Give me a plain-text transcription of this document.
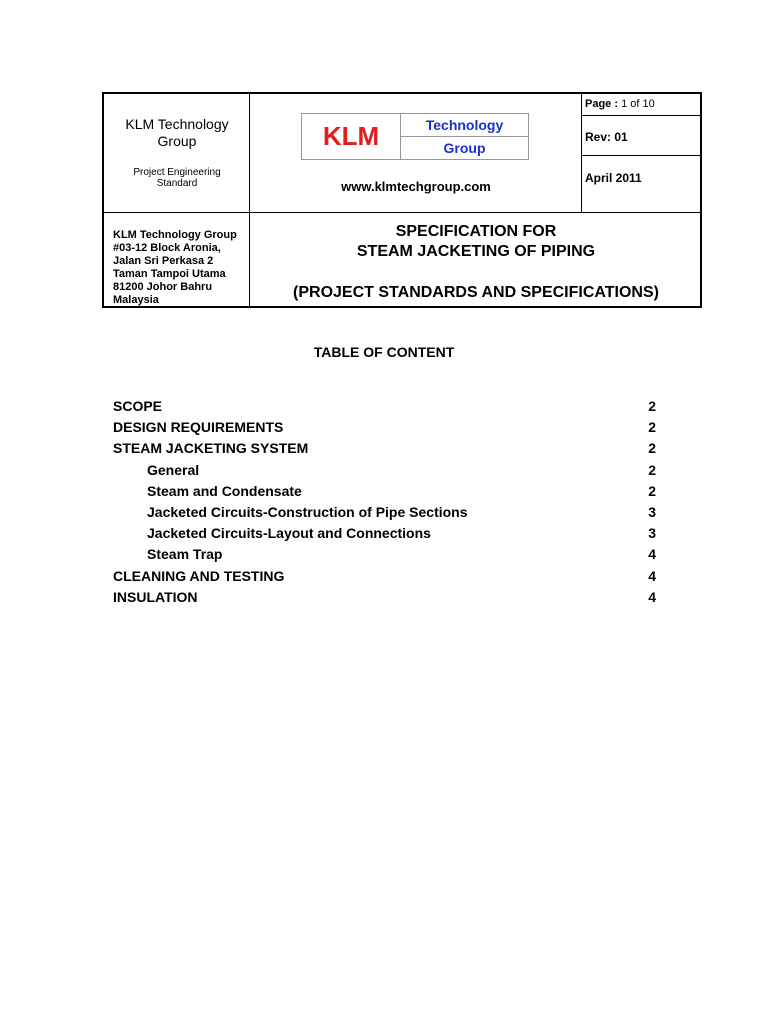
KLM Technology
Group
Project Engineering
Standard
KLM	Technology
Group
www.klmtechgroup.com
Page : 1 of 10
Rev: 01
April 2011
KLM Technology Group
#03-12 Block Aronia,
Jalan Sri Perkasa 2
Taman Tampoi Utama
81200 Johor Bahru
Malaysia
SPECIFICATION FOR
STEAM JACKETING OF PIPING
(PROJECT STANDARDS AND SPECIFICATIONS)
TABLE OF CONTENT
SCOPE	2
DESIGN REQUIREMENTS	2
STEAM JACKETING SYSTEM	2
General	2
Steam and Condensate	2
Jacketed Circuits-Construction of Pipe Sections	3
Jacketed Circuits-Layout and Connections	3
Steam Trap	4
CLEANING AND TESTING	4
INSULATION	4
